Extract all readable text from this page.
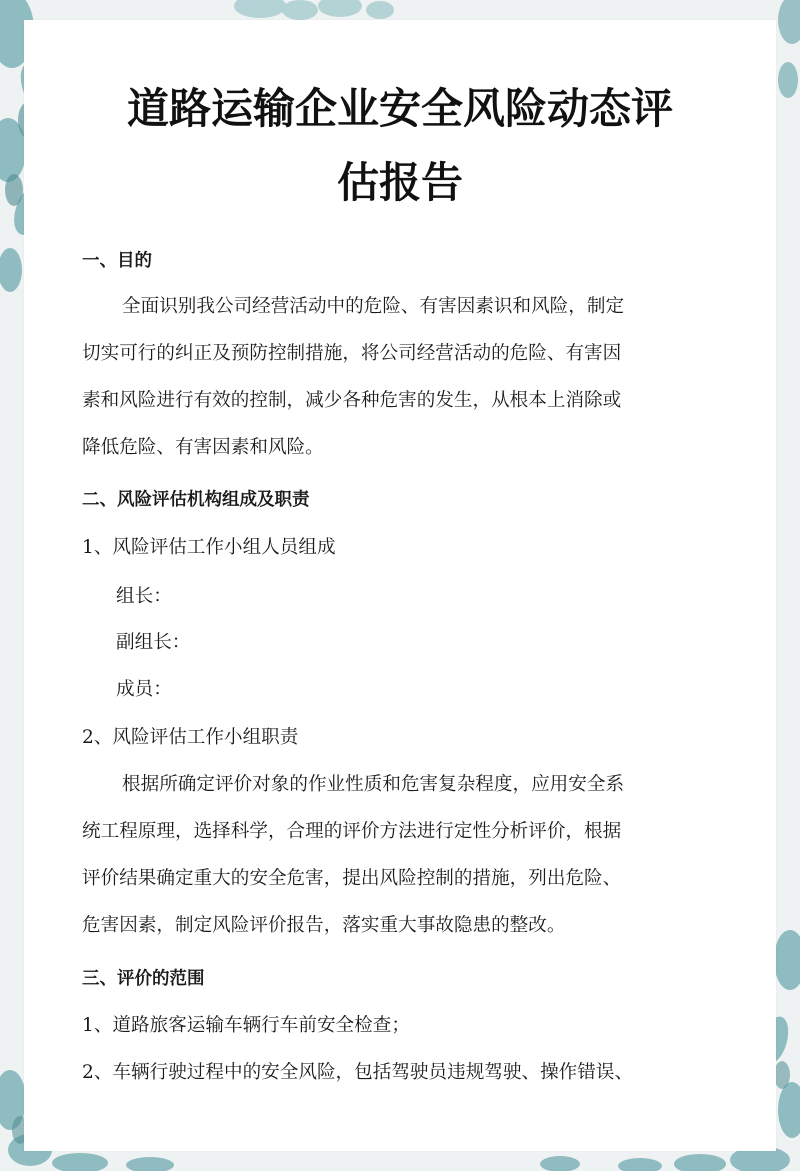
道路运输企业安全风险动态评
估报告
一、目的
全面识别我公司经营活动中的危险、有害因素识和风险，制定
切实可行的纠正及预防控制措施，将公司经营活动的危险、有害因
素和风险进行有效的控制，减少各种危害的发生，从根本上消除或
降低危险、有害因素和风险。
二、风险评估机构组成及职责
1、风险评估工作小组人员组成
组长：
副组长：
成员：
2、风险评估工作小组职责
根据所确定评价对象的作业性质和危害复杂程度，应用安全系
统工程原理，选择科学，合理的评价方法进行定性分析评价，根据
评价结果确定重大的安全危害，提出风险控制的措施，列出危险、
危害因素，制定风险评价报告，落实重大事故隐患的整改。
三、评价的范围
1、道路旅客运输车辆行车前安全检查；
2、车辆行驶过程中的安全风险，包括驾驶员违规驾驶、操作错误、
